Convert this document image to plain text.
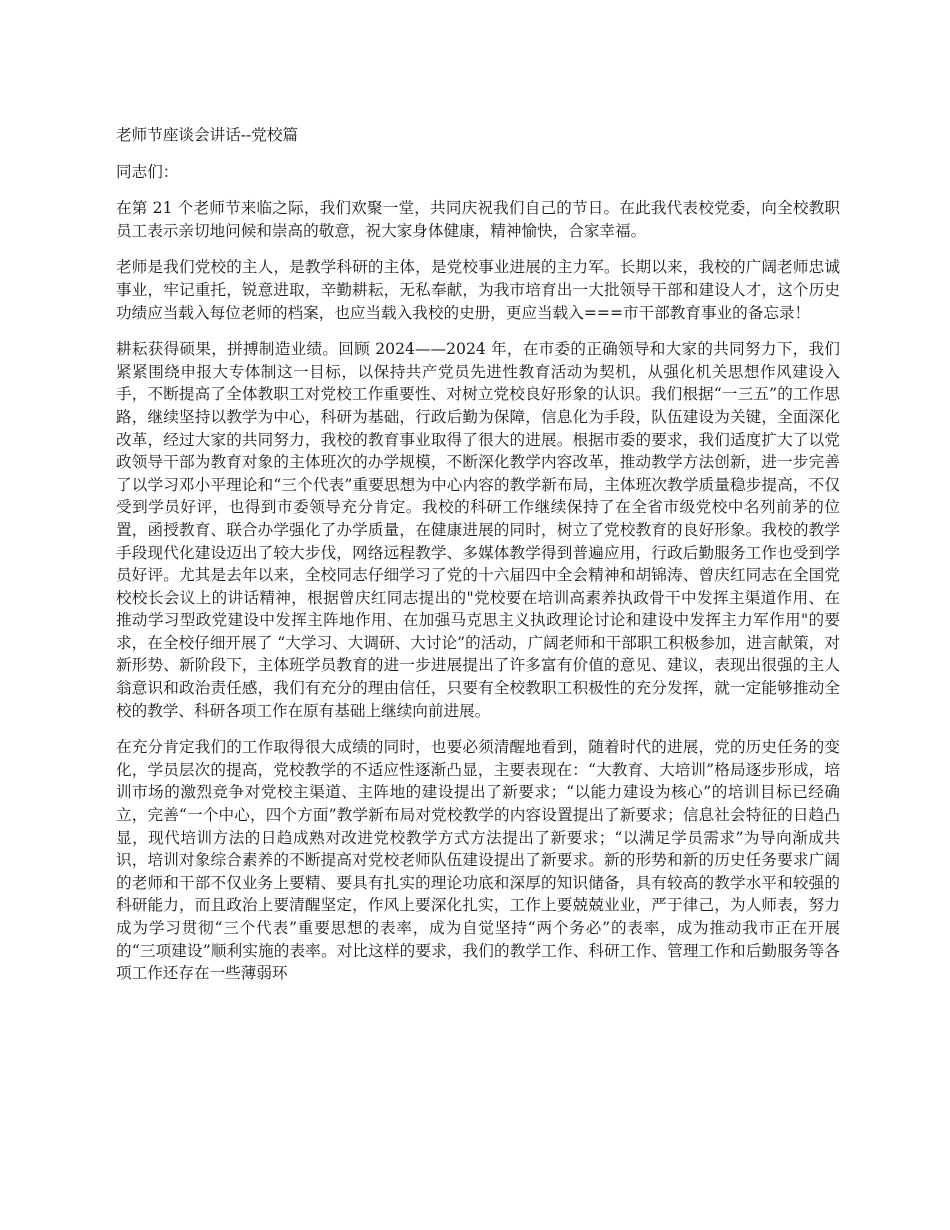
老师节座谈会讲话--党校篇
同志们：
在第 21 个老师节来临之际，我们欢聚一堂，共同庆祝我们自己的节日。在此我代表校党委，向全校教职员工表示亲切地问候和崇高的敬意，祝大家身体健康，精神愉快，合家幸福。
老师是我们党校的主人，是教学科研的主体，是党校事业进展的主力军。长期以来，我校的广阔老师忠诚事业，牢记重托，锐意进取，辛勤耕耘，无私奉献，为我市培育出一大批领导干部和建设人才，这个历史功绩应当载入每位老师的档案，也应当载入我校的史册，更应当载入===市干部教育事业的备忘录！
耕耘获得硕果，拼搏制造业绩。回顾 2024——2024 年，在市委的正确领导和大家的共同努力下，我们紧紧围绕申报大专体制这一目标，以保持共产党员先进性教育活动为契机，从强化机关思想作风建设入手，不断提高了全体教职工对党校工作重要性、对树立党校良好形象的认识。我们根据“一三五”的工作思路，继续坚持以教学为中心，科研为基础，行政后勤为保障，信息化为手段，队伍建设为关键，全面深化改革，经过大家的共同努力，我校的教育事业取得了很大的进展。根据市委的要求，我们适度扩大了以党政领导干部为教育对象的主体班次的办学规模，不断深化教学内容改革，推动教学方法创新，进一步完善了以学习邓小平理论和“三个代表”重要思想为中心内容的教学新布局，主体班次教学质量稳步提高，不仅受到学员好评，也得到市委领导充分肯定。我校的科研工作继续保持了在全省市级党校中名列前茅的位置，函授教育、联合办学强化了办学质量，在健康进展的同时，树立了党校教育的良好形象。我校的教学手段现代化建设迈出了较大步伐，网络远程教学、多媒体教学得到普遍应用，行政后勤服务工作也受到学员好评。尤其是去年以来，全校同志仔细学习了党的十六届四中全会精神和胡锦涛、曾庆红同志在全国党校校长会议上的讲话精神，根据曾庆红同志提出的"党校要在培训高素养执政骨干中发挥主渠道作用、在推动学习型政党建设中发挥主阵地作用、在加强马克思主义执政理论讨论和建设中发挥主力军作用"的要求，在全校仔细开展了 “大学习、大调研、大讨论”的活动，广阔老师和干部职工积极参加，进言献策，对新形势、新阶段下，主体班学员教育的进一步进展提出了许多富有价值的意见、建议，表现出很强的主人翁意识和政治责任感，我们有充分的理由信任，只要有全校教职工积极性的充分发挥，就一定能够推动全校的教学、科研各项工作在原有基础上继续向前进展。
在充分肯定我们的工作取得很大成绩的同时，也要必须清醒地看到，随着时代的进展，党的历史任务的变化，学员层次的提高，党校教学的不适应性逐渐凸显，主要表现在：“大教育、大培训”格局逐步形成，培训市场的激烈竞争对党校主渠道、主阵地的建设提出了新要求；“以能力建设为核心”的培训目标已经确立，完善“一个中心，四个方面”教学新布局对党校教学的内容设置提出了新要求；信息社会特征的日趋凸显，现代培训方法的日趋成熟对改进党校教学方式方法提出了新要求；“以满足学员需求”为导向渐成共识，培训对象综合素养的不断提高对党校老师队伍建设提出了新要求。新的形势和新的历史任务要求广阔的老师和干部不仅业务上要精、要具有扎实的理论功底和深厚的知识储备，具有较高的教学水平和较强的科研能力，而且政治上要清醒坚定，作风上要深化扎实，工作上要兢兢业业，严于律己，为人师表，努力成为学习贯彻“三个代表”重要思想的表率，成为自觉坚持“两个务必”的表率，成为推动我市正在开展的“三项建设”顺利实施的表率。对比这样的要求，我们的教学工作、科研工作、管理工作和后勤服务等各项工作还存在一些薄弱环
